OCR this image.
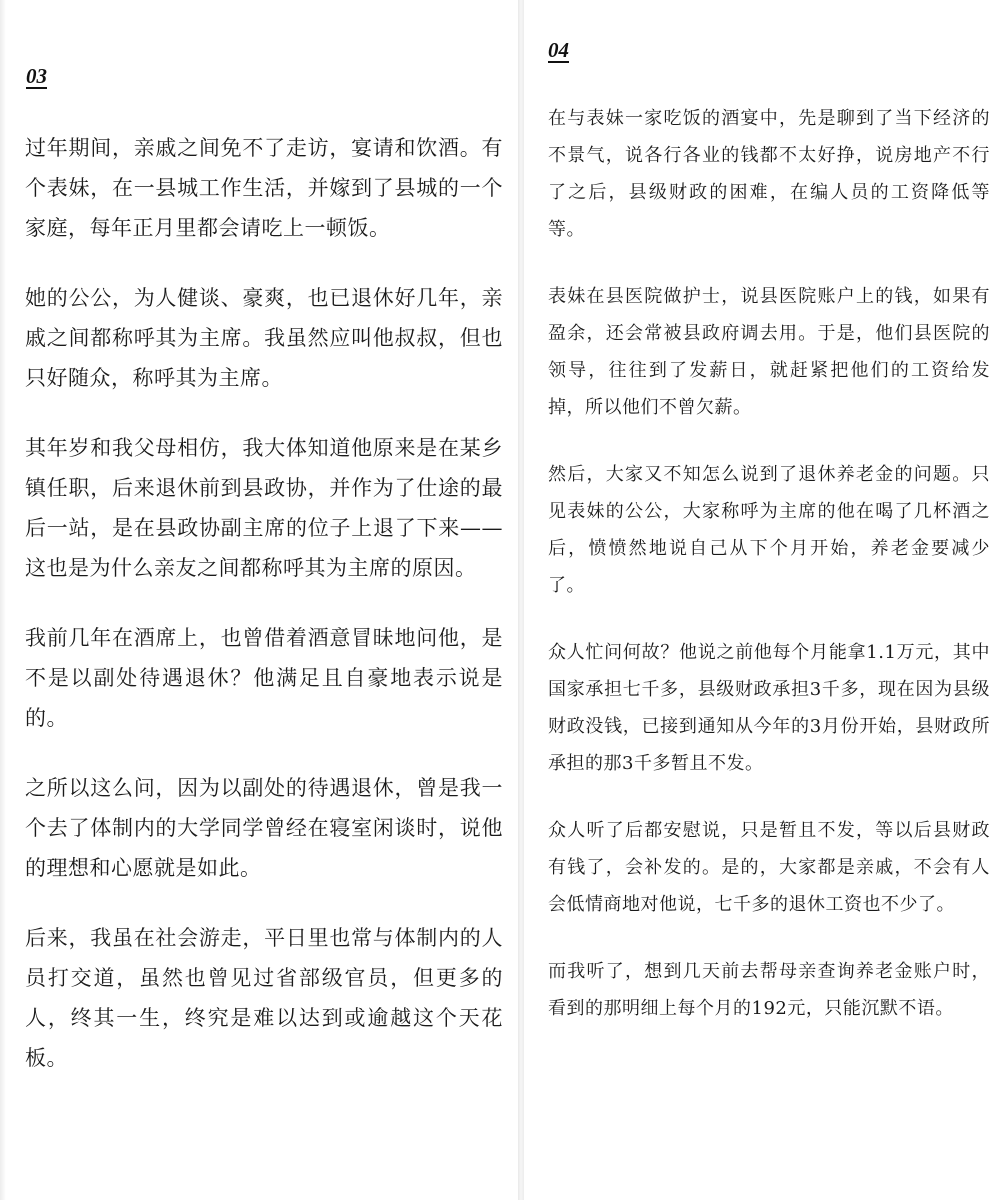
03

过年期间，亲戚之间免不了走访，宴请和饮酒。有个表妹，在一县城工作生活，并嫁到了县城的一个家庭，每年正月里都会请吃上一顿饭。

她的公公，为人健谈、豪爽，也已退休好几年，亲戚之间都称呼其为主席。我虽然应叫他叔叔，但也只好随众，称呼其为主席。

其年岁和我父母相仿，我大体知道他原来是在某乡镇任职，后来退休前到县政协，并作为了仕途的最后一站，是在县政协副主席的位子上退了下来——这也是为什么亲友之间都称呼其为主席的原因。

我前几年在酒席上，也曾借着酒意冒昧地问他，是不是以副处待遇退休？他满足且自豪地表示说是的。

之所以这么问，因为以副处的待遇退休，曾是我一个去了体制内的大学同学曾经在寝室闲谈时，说他的理想和心愿就是如此。

后来，我虽在社会游走，平日里也常与体制内的人员打交道，虽然也曾见过省部级官员，但更多的人，终其一生，终究是难以达到或逾越这个天花板。

04

在与表妹一家吃饭的酒宴中，先是聊到了当下经济的不景气，说各行各业的钱都不太好挣，说房地产不行了之后，县级财政的困难，在编人员的工资降低等等。

表妹在县医院做护士，说县医院账户上的钱，如果有盈余，还会常被县政府调去用。于是，他们县医院的领导，往往到了发薪日，就赶紧把他们的工资给发掉，所以他们不曾欠薪。

然后，大家又不知怎么说到了退休养老金的问题。只见表妹的公公，大家称呼为主席的他在喝了几杯酒之后，愤愤然地说自己从下个月开始，养老金要减少了。

众人忙问何故？他说之前他每个月能拿1.1万元，其中国家承担七千多，县级财政承担3千多，现在因为县级财政没钱，已接到通知从今年的3月份开始，县财政所承担的那3千多暂且不发。

众人听了后都安慰说，只是暂且不发，等以后县财政有钱了，会补发的。是的，大家都是亲戚，不会有人会低情商地对他说，七千多的退休工资也不少了。

而我听了，想到几天前去帮母亲查询养老金账户时，看到的那明细上每个月的192元，只能沉默不语。
